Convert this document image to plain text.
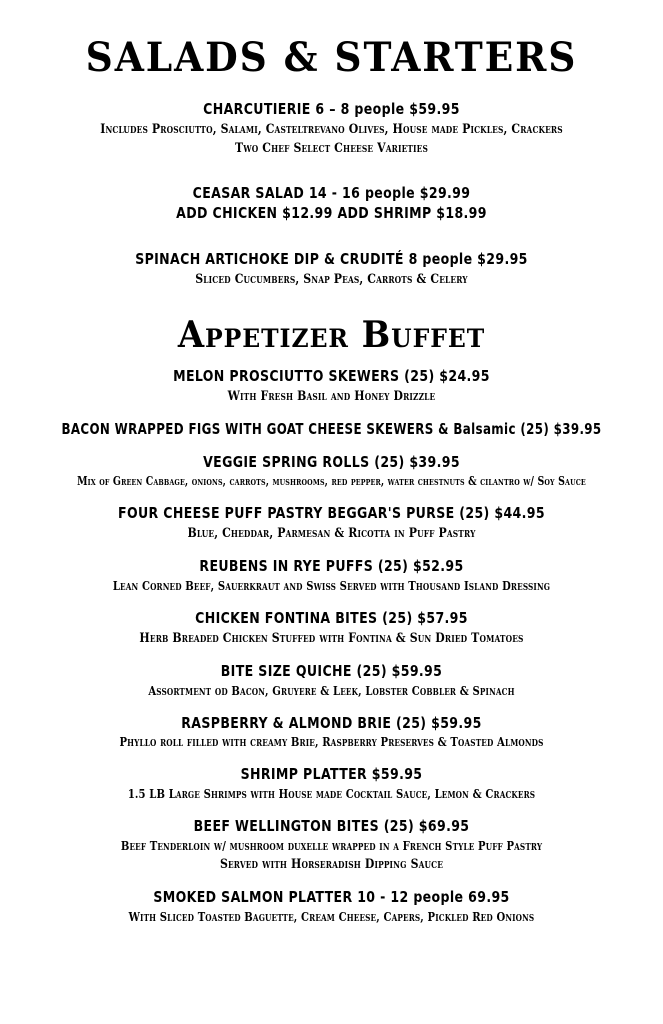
SALADS & STARTERS
CHARCUTIERIE 6 – 8 people $59.95
Includes Prosciutto, Salami, Casteltrevano Olives, House made Pickles, Crackers
Two Chef Select Cheese Varieties
CEASAR SALAD 14 - 16 people $29.99
ADD CHICKEN $12.99 ADD SHRIMP $18.99
SPINACH ARTICHOKE DIP & CRUDITÉ 8 people $29.95
Sliced Cucumbers, Snap Peas, Carrots & Celery
Appetizer Buffet
MELON PROSCIUTTO SKEWERS (25) $24.95
With Fresh Basil and Honey Drizzle
BACON WRAPPED FIGS WITH GOAT CHEESE SKEWERS & Balsamic (25) $39.95
VEGGIE SPRING ROLLS (25) $39.95
Mix of Green Cabbage, onions, carrots, mushrooms, red pepper, water chestnuts & cilantro w/ Soy Sauce
FOUR CHEESE PUFF PASTRY BEGGAR'S PURSE (25) $44.95
Blue, Cheddar, Parmesan & Ricotta in Puff Pastry
REUBENS IN RYE PUFFS (25) $52.95
Lean Corned Beef, Sauerkraut and Swiss Served with Thousand Island Dressing
CHICKEN FONTINA BITES (25) $57.95
Herb Breaded Chicken Stuffed with Fontina & Sun Dried Tomatoes
BITE SIZE QUICHE (25) $59.95
Assortment od Bacon, Gruyere & Leek, Lobster Cobbler & Spinach
RASPBERRY & ALMOND BRIE (25) $59.95
Phyllo roll filled with creamy Brie, Raspberry Preserves & Toasted Almonds
SHRIMP PLATTER $59.95
1.5 LB Large Shrimps with House made Cocktail Sauce, Lemon & Crackers
BEEF WELLINGTON BITES (25) $69.95
Beef Tenderloin w/ mushroom duxelle wrapped in a French Style Puff Pastry
Served with Horseradish Dipping Sauce
SMOKED SALMON PLATTER 10 - 12 people 69.95
With Sliced Toasted Baguette, Cream Cheese, Capers, Pickled Red Onions
